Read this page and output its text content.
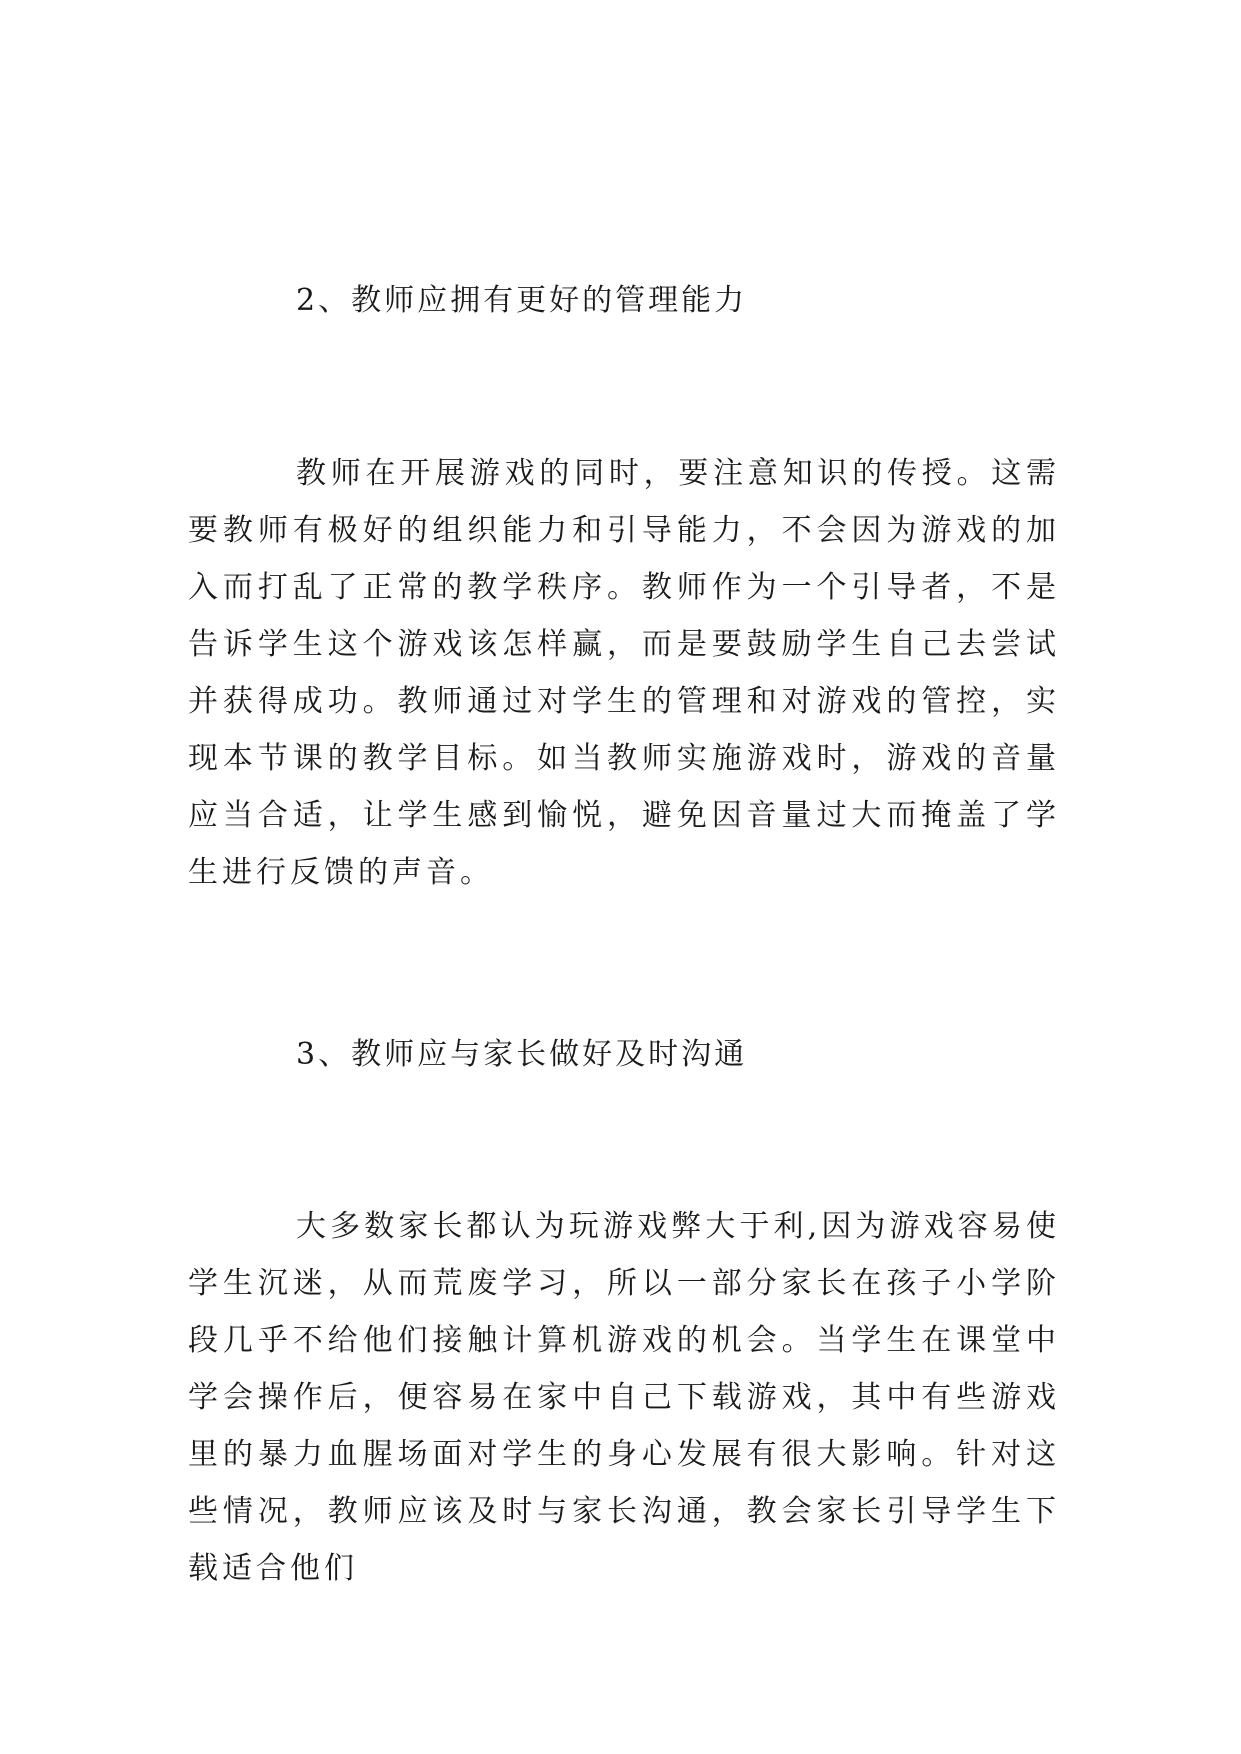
2、教师应拥有更好的管理能力

教师在开展游戏的同时，要注意知识的传授。这需要教师有极好的组织能力和引导能力，不会因为游戏的加入而打乱了正常的教学秩序。教师作为一个引导者，不是告诉学生这个游戏该怎样赢，而是要鼓励学生自己去尝试并获得成功。教师通过对学生的管理和对游戏的管控，实现本节课的教学目标。如当教师实施游戏时，游戏的音量应当合适，让学生感到愉悦，避免因音量过大而掩盖了学生进行反馈的声音。

3、教师应与家长做好及时沟通

大多数家长都认为玩游戏弊大于利,因为游戏容易使学生沉迷，从而荒废学习，所以一部分家长在孩子小学阶段几乎不给他们接触计算机游戏的机会。当学生在课堂中学会操作后，便容易在家中自己下载游戏，其中有些游戏里的暴力血腥场面对学生的身心发展有很大影响。针对这些情况，教师应该及时与家长沟通，教会家长引导学生下载适合他们
